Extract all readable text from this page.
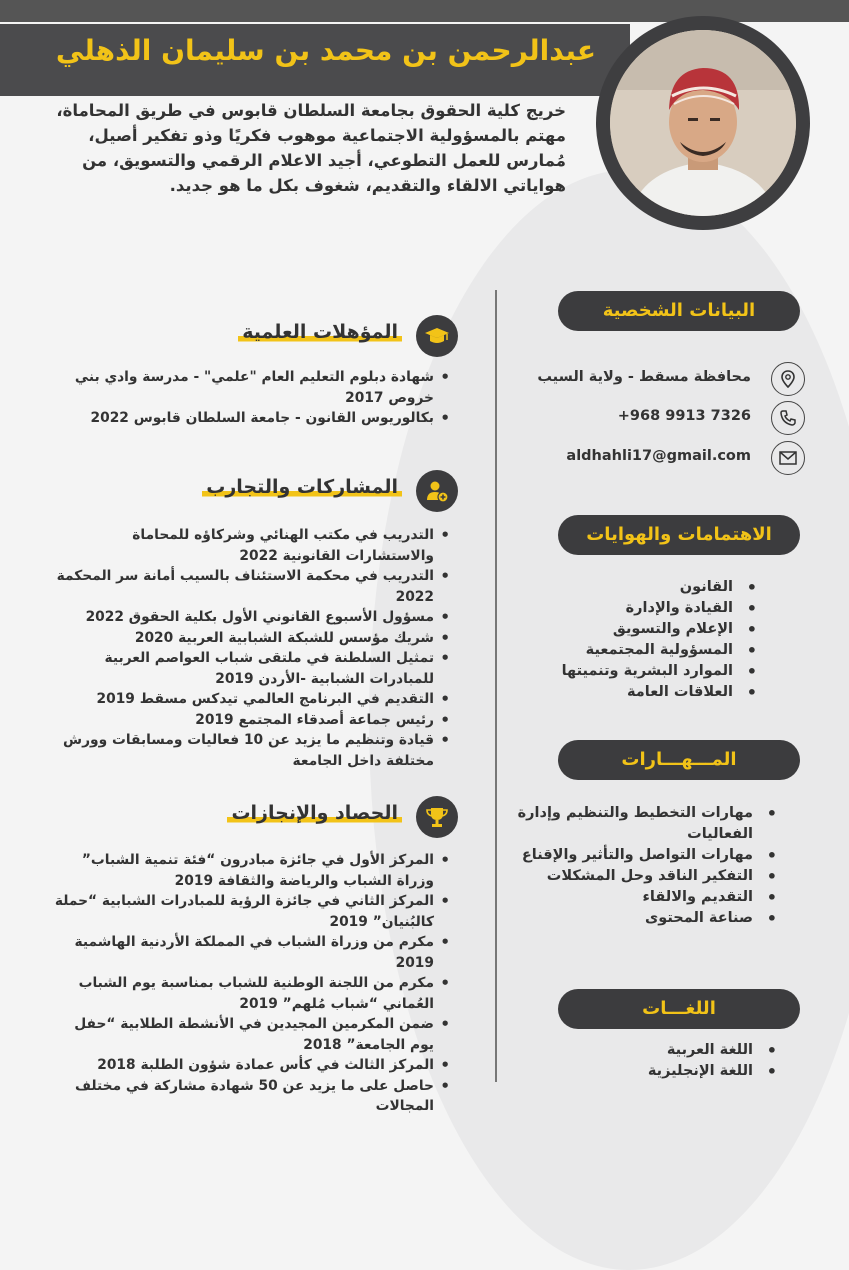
عبدالرحمن بن محمد بن سليمان الذهلي
خريج كلية الحقوق بجامعة السلطان قابوس في طريق المحاماة، مهتم بالمسؤولية الاجتماعية موهوب فكريًا وذو تفكير أصيل، مُمارس للعمل التطوعي، أجيد الاعلام الرقمي والتسويق، من هواياتي الالقاء والتقديم، شغوف بكل ما هو جديد.
البيانات الشخصية
محافظة مسقط - ولاية السيب
+968 9913 7326
aldhahli17@gmail.com
الاهتمامات والهوايات
• القانون
• القيادة والإدارة
• الإعلام والتسويق
• المسؤولية المجتمعية
• الموارد البشرية وتنميتها
• العلاقات العامة
المـــهـــارات
• مهارات التخطيط والتنظيم وإدارة الفعاليات
• مهارات التواصل والتأثير والإقناع
• التفكير الناقد وحل المشكلات
• التقديم والالقاء
• صناعة المحتوى
اللغـــات
• اللغة العربية
• اللغة الإنجليزية
المؤهلات العلمية
• شهادة دبلوم التعليم العام "علمي" - مدرسة وادي بني خروص 2017
• بكالوريوس القانون - جامعة السلطان قابوس 2022
المشاركات والتجارب
• التدريب في مكتب الهنائي وشركاؤه للمحاماة والاستشارات القانونية 2022
• التدريب في محكمة الاستئناف بالسيب أمانة سر المحكمة 2022
• مسؤول الأسبوع القانوني الأول بكلية الحقوق 2022
• شريك مؤسس للشبكة الشبابية العربية 2020
• تمثيل السلطنة في ملتقى شباب العواصم العربية للمبادرات الشبابية -الأردن 2019
• التقديم في البرنامج العالمي تيدكس مسقط 2019
• رئيس جماعة أصدقاء المجتمع 2019
• قيادة وتنظيم ما يزيد عن 10 فعاليات ومسابقات وورش مختلفة داخل الجامعة
الحصاد والإنجازات
• المركز الأول في جائزة مبادرون “فئة تنمية الشباب” وزراة الشباب والرياضة والثقافة 2019
• المركز الثاني في جائزة الرؤية للمبادرات الشبابية “حملة كالبُنيان” 2019
• مكرم من وزراة الشباب في المملكة الأردنية الهاشمية 2019
• مكرم من اللجنة الوطنية للشباب بمناسبة يوم الشباب العُماني “شباب مُلهم” 2019
• ضمن المكرمين المجيدين في الأنشطة الطلابية “حفل يوم الجامعة” 2018
• المركز الثالث في كأس عمادة شؤون الطلبة 2018
• حاصل على ما يزيد عن 50 شهادة مشاركة في مختلف المجالات
